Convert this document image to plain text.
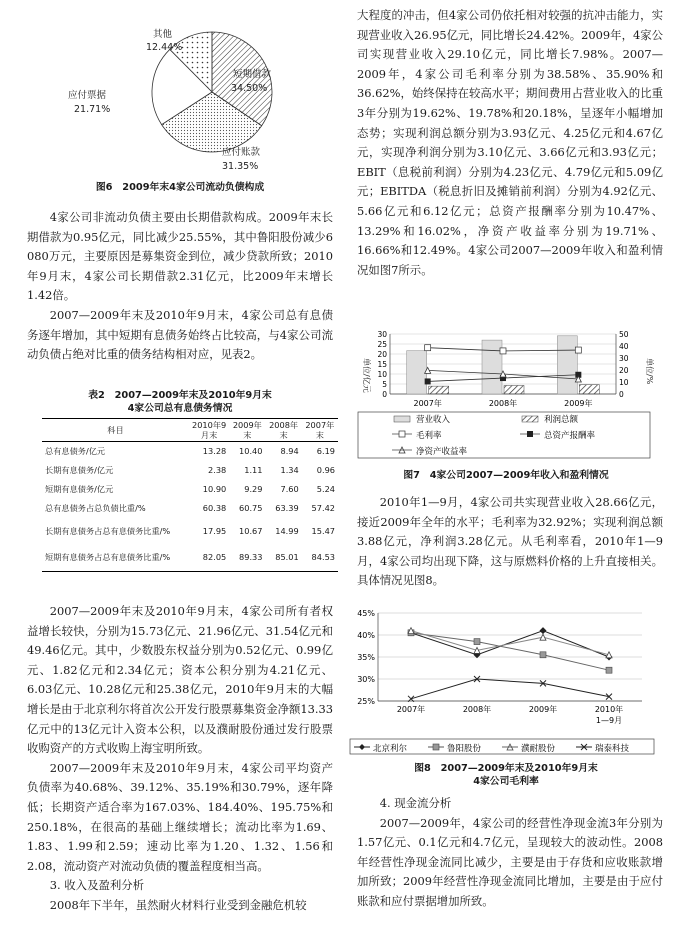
其他
12.44%
短期借款
34.50%
应付账款
31.35%
应付票据
21.71%
图6　2009年末4家公司流动负债构成

4家公司非流动负债主要由长期借款构成。2009年末长期借款为0.95亿元，同比减少25.55%，其中鲁阳股份减少6 080万元，主要原因是募集资金到位，减少贷款所致；2010年9月末，4家公司长期借款2.31亿元，比2009年末增长1.42倍。

2007—2009年末及2010年9月末，4家公司总有息债务逐年增加，其中短期有息债务始终占比较高，与4家公司流动负债占绝对比重的债务结构相对应，见表2。

表2　2007—2009年末及2010年9月末
4家公司总有息债务情况
科目	2010年9月末	2009年末	2008年末	2007年末
总有息债务/亿元	13.28	10.40	8.94	6.19
长期有息债务/亿元	2.38	1.11	1.34	0.96
短期有息债务/亿元	10.90	9.29	7.60	5.24
总有息债务占总负债比重/%	60.38	60.75	63.39	57.42
长期有息债务占总有息债务比重/%	17.95	10.67	14.99	15.47
短期有息债务占总有息债务比重/%	82.05	89.33	85.01	84.53

2007—2009年末及2010年9月末，4家公司所有者权益增长较快，分别为15.73亿元、21.96亿元、31.54亿元和49.46亿元。其中，少数股东权益分别为0.52亿元、0.99亿元、1.82亿元和2.34亿元；资本公积分别为4.21亿元、6.03亿元、10.28亿元和25.38亿元，2010年9月末的大幅增长是由于北京利尔将首次公开发行股票募集资金净额13.33亿元中的13亿元计入资本公积，以及濮耐股份通过发行股票收购资产的方式收购上海宝明所致。

2007—2009年末及2010年9月末，4家公司平均资产负债率为40.68%、39.12%、35.19%和30.79%，逐年降低；长期资产适合率为167.03%、184.40%、195.75%和250.18%，在很高的基础上继续增长；流动比率为1.69、1.83、1.99和2.59；速动比率为1.20、1.32、1.56和2.08，流动资产对流动负债的覆盖程度相当高。

3. 收入及盈利分析

2008年下半年，虽然耐火材料行业受到金融危机较

大程度的冲击，但4家公司仍依托相对较强的抗冲击能力，实现营业收入26.95亿元，同比增长24.42%。2009年，4家公司实现营业收入29.10亿元，同比增长7.98%。2007—2009年，4家公司毛利率分别为38.58%、35.90%和36.62%，始终保持在较高水平；期间费用占营业收入的比重3年分别为19.62%、19.78%和20.18%，呈逐年小幅增加态势；实现利润总额分别为3.93亿元、4.25亿元和4.67亿元，实现净利润分别为3.10亿元、3.66亿元和3.93亿元；EBIT（息税前利润）分别为4.23亿元、4.79亿元和5.09亿元；EBITDA（税息折旧及摊销前利润）分别为4.92亿元、5.66亿元和6.12亿元；总资产报酬率分别为10.47%、13.29%和16.02%，净资产收益率分别为19.71%、16.66%和12.49%。4家公司2007—2009年收入和盈利情况如图7所示。

单位/亿元	单位/%
0
5
10
15
20
25
30
0
10
20
30
40
50
2007年	2008年	2009年
营业收入	利润总额
毛利率	总资产报酬率
净资产收益率
图7　4家公司2007—2009年收入和盈利情况

2010年1—9月，4家公司共实现营业收入28.66亿元，接近2009年全年的水平；毛利率为32.92%；实现利润总额3.88亿元，净利润3.28亿元。从毛利率看，2010年1—9月，4家公司均出现下降，这与原燃料价格的上升直接相关。具体情况见图8。

25%
30%
35%
40%
45%
2007年	2008年	2009年	2010年
1—9月
北京利尔	鲁阳股份	濮耐股份	瑞泰科技
图8　2007—2009年末及2010年9月末
4家公司毛利率

4. 现金流分析

2007—2009年，4家公司的经营性净现金流3年分别为1.57亿元、0.1亿元和4.7亿元，呈现较大的波动性。2008年经营性净现金流同比减少，主要是由于存货和应收账款增加所致；2009年经营性净现金流同比增加，主要是由于应付账款和应付票据增加所致。
